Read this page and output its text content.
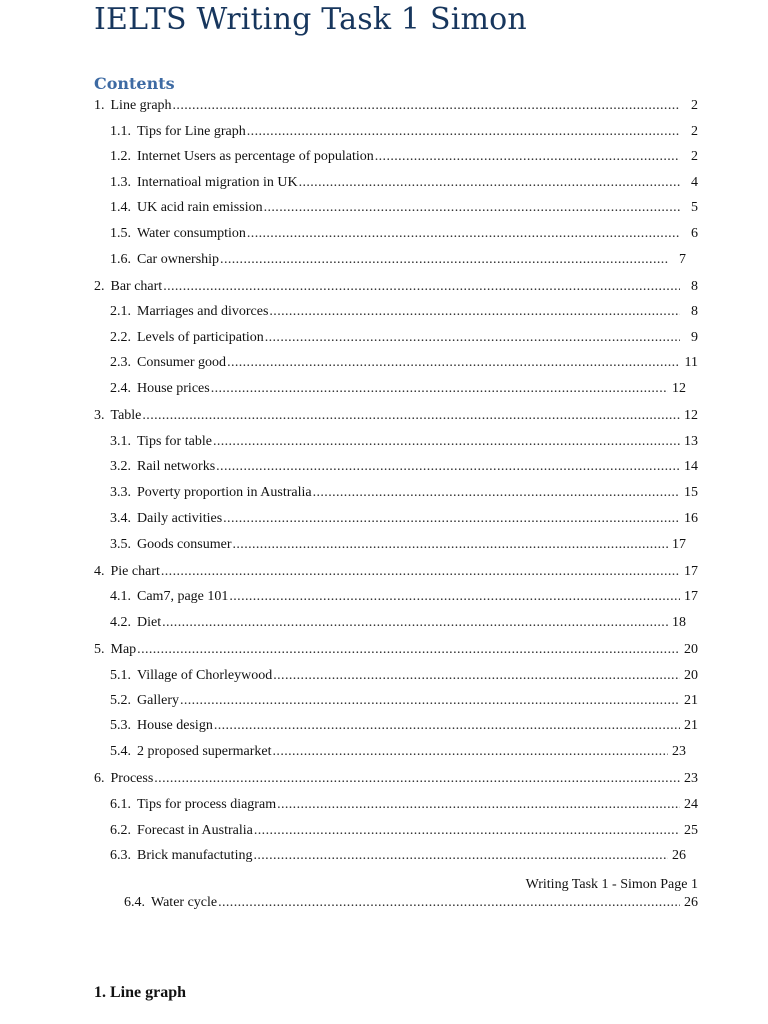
IELTS Writing Task 1 Simon
Contents
1. Line graph .....	2
1.1. Tips for Line graph .....	2
1.2. Internet Users as percentage of population .....	2
1.3. Internatioal migration in UK .....	4
1.4. UK acid rain emission .....	5
1.5. Water consumption .....	6
1.6. Car ownership .....	7
2. Bar chart .....	8
2.1. Marriages and divorces .....	8
2.2. Levels of participation .....	9
2.3. Consumer good .....	11
2.4. House prices .....	12
3. Table .....	12
3.1. Tips for table .....	13
3.2. Rail networks .....	14
3.3. Poverty proportion in Australia .....	15
3.4. Daily activities .....	16
3.5. Goods consumer .....	17
4. Pie chart .....	17
4.1. Cam7, page 101 .....	17
4.2. Diet .....	18
5. Map .....	20
5.1. Village of Chorleywood .....	20
5.2. Gallery .....	21
5.3. House design .....	21
5.4. 2 proposed supermarket .....	23
6. Process .....	23
6.1. Tips for process diagram .....	24
6.2. Forecast in Australia .....	25
6.3. Brick manufactuting .....	26
6.4. Water cycle .....	26
Writing Task 1 - Simon Page 1
1. Line graph
